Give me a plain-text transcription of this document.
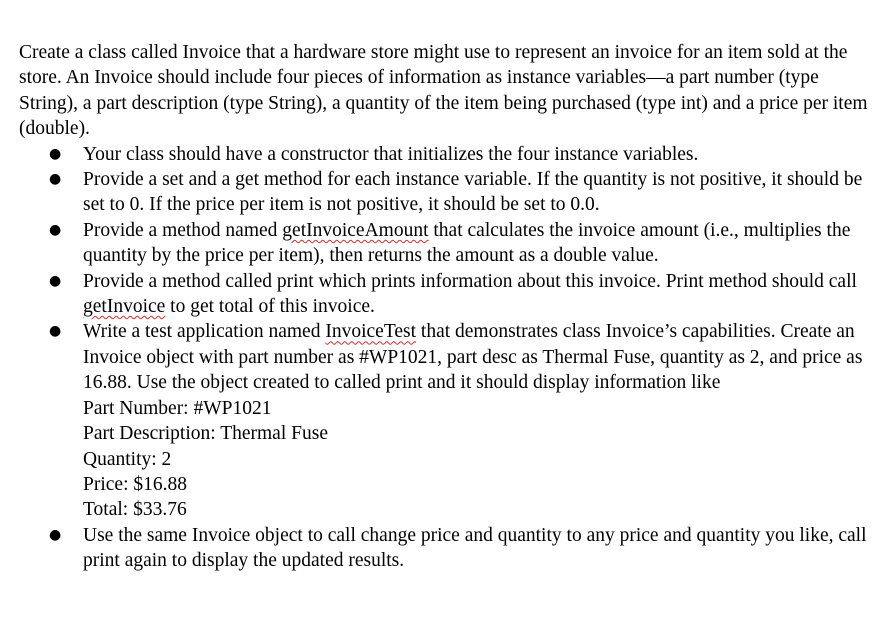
Create a class called Invoice that a hardware store might use to represent an invoice for an item sold at the store. An Invoice should include four pieces of information as instance variables—a part number (type String), a part description (type String), a quantity of the item being purchased (type int) and a price per item (double).

● Your class should have a constructor that initializes the four instance variables.
● Provide a set and a get method for each instance variable. If the quantity is not positive, it should be set to 0. If the price per item is not positive, it should be set to 0.0.
● Provide a method named getInvoiceAmount that calculates the invoice amount (i.e., multiplies the quantity by the price per item), then returns the amount as a double value.
● Provide a method called print which prints information about this invoice. Print method should call getInvoice to get total of this invoice.
● Write a test application named InvoiceTest that demonstrates class Invoice’s capabilities. Create an Invoice object with part number as #WP1021, part desc as Thermal Fuse, quantity as 2, and price as 16.88. Use the object created to called print and it should display information like
Part Number: #WP1021
Part Description: Thermal Fuse
Quantity: 2
Price: $16.88
Total: $33.76
● Use the same Invoice object to call change price and quantity to any price and quantity you like, call print again to display the updated results.
